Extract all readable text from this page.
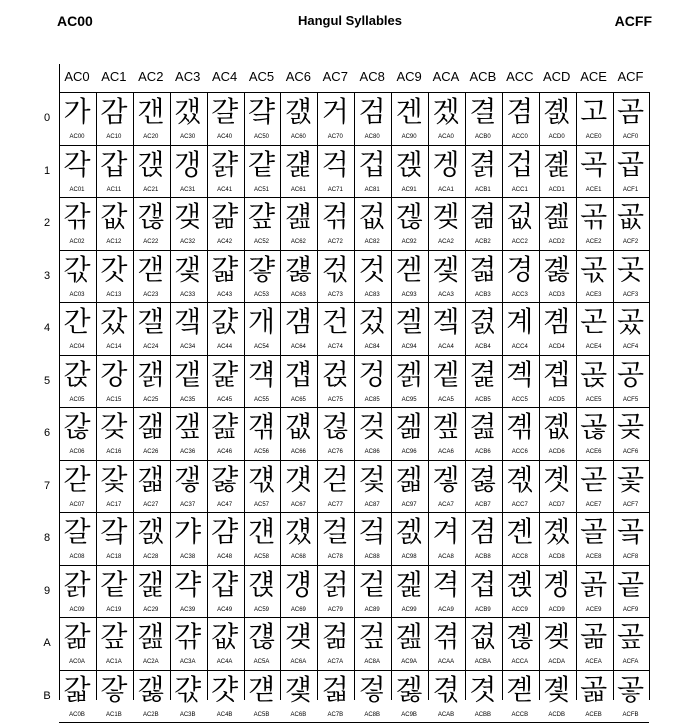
AC00	Hangul Syllables	ACFF
AC0 AC1 AC2 AC3 AC4 AC5 AC6 AC7 AC8 AC9 ACA ACB ACC ACD ACE ACF
0 가
AC00
감
AC10
갠
AC20
갰
AC30
걀
AC40
걐
AC50
걠
AC60
거
AC70
검
AC80
겐
AC90
겠
ACA0
결
ACB0
겸
ACC0
곐
ACD0
고
ACE0
곰
ACF0
1 각
AC01
갑
AC11
갡
AC21
갱
AC31
걁
AC41
걑
AC51
걡
AC61
걱
AC71
겁
AC81
겑
AC91
겡
ACA1
겱
ACB1
겁
ACC1
곑
ACD1
곡
ACE1
곱
ACF1
2 갂
AC02
값
AC12
갢
AC22
갲
AC32
걂
AC42
걒
AC52
걢
AC62
걲
AC72
겂
AC82
겒
AC92
겢
ACA2
겲
ACB2
겂
ACC2
곒
ACD2
곢
ACE2
곲
ACF2
3 갃
AC03
갓
AC13
갣
AC23
갳
AC33
걃
AC43
걓
AC53
걣
AC63
걳
AC73
것
AC83
겓
AC93
겣
ACA3
겳
ACB3
경
ACC3
곓
ACD3
곣
ACE3
곳
ACF3
4 간
AC04
갔
AC14
갤
AC24
갴
AC34
걄
AC44
개
AC54
걤
AC64
건
AC74
겄
AC84
겔
AC94
겤
ACA4
겴
ACB4
계
ACC4
곔
ACD4
곤
ACE4
곴
ACF4
5 갅
AC05
강
AC15
갥
AC25
갵
AC35
걅
AC45
걕
AC55
걥
AC65
걵
AC75
겅
AC85
겕
AC95
겥
ACA5
겵
ACB5
곅
ACC5
곕
ACD5
곥
ACE5
공
ACF5
6 갆
AC06
갖
AC16
갦
AC26
갶
AC36
걆
AC46
걖
AC56
걦
AC66
걶
AC76
겆
AC86
겖
AC96
겦
ACA6
겶
ACB6
곆
ACC6
곖
ACD6
곦
ACE6
곶
ACF6
7 갇
AC07
갗
AC17
갧
AC27
갷
AC37
걇
AC47
걗
AC57
걧
AC67
걷
AC77
겇
AC87
겗
AC97
겧
ACA7
겷
ACB7
곇
ACC7
곗
ACD7
곧
ACE7
곷
ACF7
8 갈
AC08
갘
AC18
갨
AC28
갸
AC38
걈
AC48
걘
AC58
걨
AC68
걸
AC78
겈
AC88
겘
AC98
겨
ACA8
겸
ACB8
곈
ACC8
곘
ACD8
골
ACE8
곸
ACF8
9 갉
AC09
같
AC19
갩
AC29
갹
AC39
걉
AC49
걙
AC59
걩
AC69
걹
AC79
겉
AC89
겙
AC99
격
ACA9
겹
ACB9
곉
ACC9
곙
ACD9
곩
ACE9
곹
ACF9
A 갊
AC0A
갚
AC1A
갪
AC2A
갺
AC3A
걊
AC4A
걚
AC5A
걪
AC6A
걺
AC7A
겊
AC8A
겚
AC9A
겪
ACAA
겺
ACBA
곊
ACCA
곚
ACDA
곪
ACEA
곺
ACFA
B 갋
AC0B
갛
AC1B
갫
AC2B
갻
AC3B
걋
AC4B
걛
AC5B
걫
AC6B
걻
AC7B
겋
AC8B
겛
AC9B
겫
ACAB
겻
ACBB
곋
ACCB
곛
ACDB
곫
ACEB
곻
ACFB
